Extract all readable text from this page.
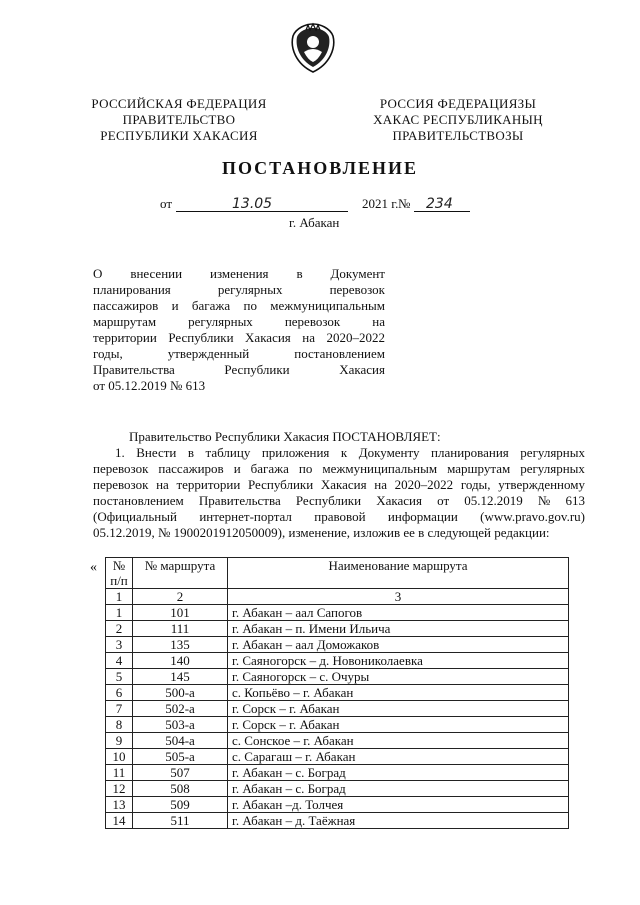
РОССИЙСКАЯ ФЕДЕРАЦИЯ
ПРАВИТЕЛЬСТВО
РЕСПУБЛИКИ ХАКАСИЯ
РОССИЯ ФЕДЕРАЦИЯЗЫ
ХАКАС РЕСПУБЛИКАНЫҢ
ПРАВИТЕЛЬСТВОЗЫ
ПОСТАНОВЛЕНИЕ
от	13.05	2021 г. № 234
г. Абакан
О внесении изменения в Документ
планирования	регулярных	перевозок
пассажиров и багажа по межмуниципальным
маршрутам регулярных перевозок на
территории Республики Хакасия на 2020–2022
годы,	утвержденный	постановлением
Правительства	Республики	Хакасия
от 05.12.2019 № 613
Правительство Республики Хакасия ПОСТАНОВЛЯЕТ:
1. Внести в таблицу приложения к Документу планирования регулярных
перевозок пассажиров и багажа по межмуниципальным маршрутам регулярных
перевозок на территории Республики Хакасия на 2020–2022 годы, утвержденному
постановлением Правительства Республики Хакасия от 05.12.2019 № 613
(Официальный интернет-портал правовой информации (www.pravo.gov.ru)
05.12.2019, № 1900201912050009), изменение, изложив ее в следующей редакции:
« № п/п	№ маршрута	Наименование маршрута
1	2	3
1	101	г. Абакан – аал Сапогов
2	111	г. Абакан – п. Имени Ильича
3	135	г. Абакан – аал Доможаков
4	140	г. Саяногорск – д. Новониколаевка
5	145	г. Саяногорск – с. Очуры
6	500-а	с. Копьёво – г. Абакан
7	502-а	г. Сорск – г. Абакан
8	503-а	г. Сорск – г. Абакан
9	504-а	с. Сонское – г. Абакан
10	505-а	с. Сарагаш – г. Абакан
11	507	г. Абакан – с. Боград
12	508	г. Абакан – с. Боград
13	509	г. Абакан –д. Толчея
14	511	г. Абакан – д. Таёжная
